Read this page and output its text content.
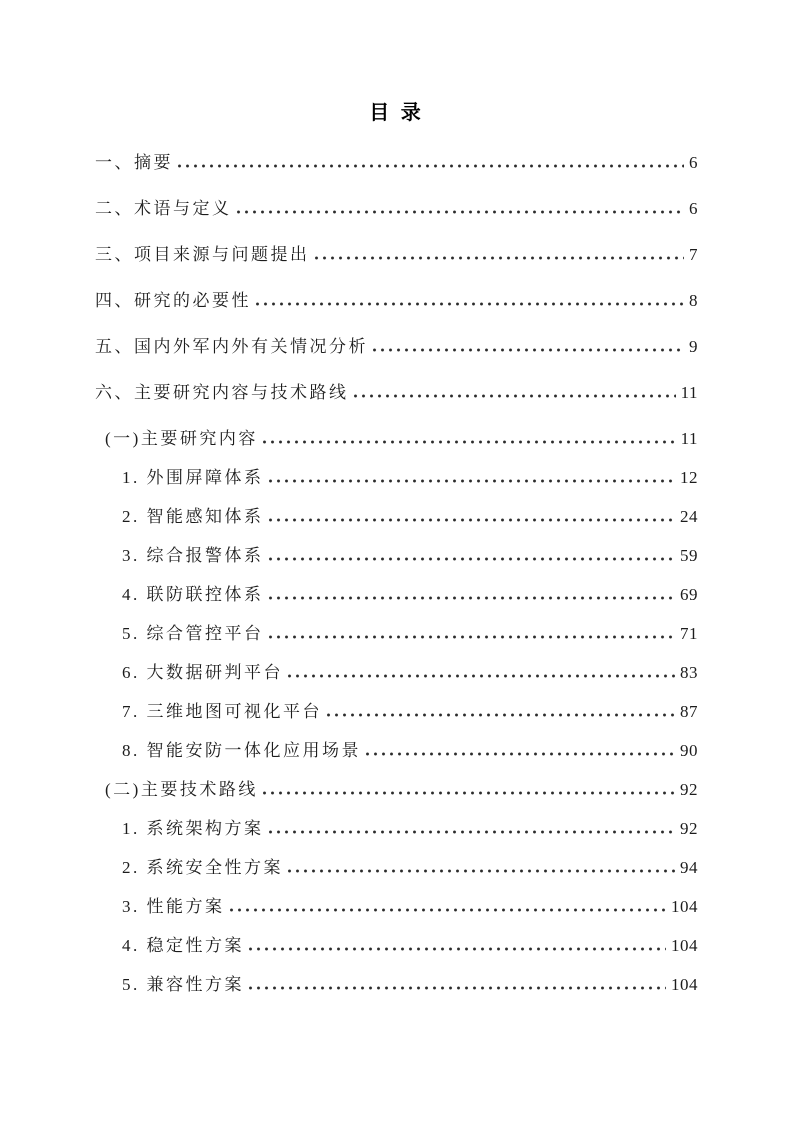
目 录
一、摘要	6
二、术语与定义	6
三、项目来源与问题提出	7
四、研究的必要性	8
五、国内外军内外有关情况分析	9
六、主要研究内容与技术路线	11
(一)主要研究内容	11
1. 外围屏障体系	12
2. 智能感知体系	24
3. 综合报警体系	59
4. 联防联控体系	69
5. 综合管控平台	71
6. 大数据研判平台	83
7. 三维地图可视化平台	87
8. 智能安防一体化应用场景	90
(二)主要技术路线	92
1. 系统架构方案	92
2. 系统安全性方案	94
3. 性能方案	104
4. 稳定性方案	104
5. 兼容性方案	104
